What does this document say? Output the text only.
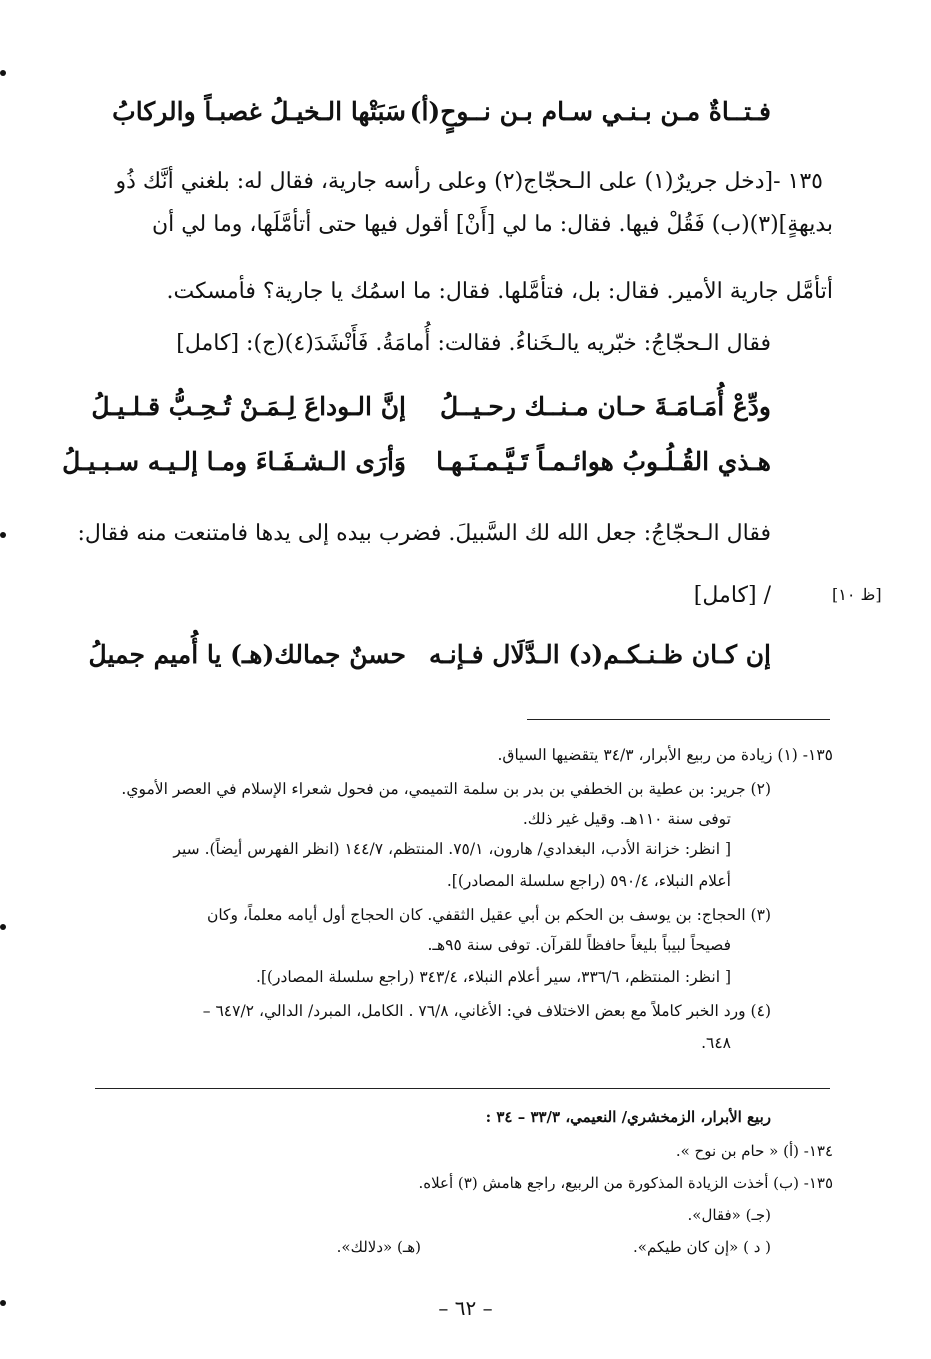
فـتــاةٌ مـن بـنـي سـام بـن نــوحٍ(أ)
سَبَتْها الـخيـلُ غصبـاً والركابُ
١٣٥ -[دخل جريرٌ(١) على الـحجّاج(٢) وعلى رأسه جارية، فقال له: بلغني أنَّك ذُو
بديهةٍ](٣)(ب) فَقُلْ فيها. فقال: ما لي [أَنْ] أقول فيها حتى أتأمَّلَها، وما لي أن
أتأمَّل جارية الأمير. فقال: بل، فتأمَّلها. فقال: ما اسمُك يا جارية؟ فأمسكت.
فقال الـحجّاجُ: خبّريه يالـخَناءُ. فقالت: أُمامَةُ. فَأَنْشَدَ(٤)(ج): [كامل]
ودِّعْ أُمَـامَـةَ حـان مـنــك رحـيــلُ
إنَّ الـوداعَ لِـمَـنْ تُـحِـبُّ قـلـيـلُ
هـذي القُـلُـوبُ هوائـمـاً تَـيَّـمـنَـهـا
وَأرَى الـشـفَـاءَ ومـا إلـيـه سـبـيـلُ
فقال الـحجّاجُ: جعل الله لك السَّبيلَ. فضرب بيده إلى يدها فامتنعت منه فقال:
/ [كامل]	[ظ ١٠]
إن كـان ظـنـكـم(د) الـدَّلَال فـإنـه
حسنٌ جمالك(هـ) يا أُميم جميلُ
١٣٥- (١) زيادة من ربيع الأبرار، ٣٤/٣ يتقضيها السياق.
(٢) جرير: بن عطية بن الخطفي بن بدر بن سلمة التميمي، من فحول شعراء الإسلام في العصر الأموي.
توفى سنة ١١٠هـ. وقيل غير ذلك.
[ انظر: خزانة الأدب، البغدادي/ هارون، ٧٥/١. المنتظم، ١٤٤/٧ (انظر الفهرس أيضاً). سير
أعلام النبلاء، ٥٩٠/٤ (راجع سلسلة المصادر)].
(٣) الحجاج: بن يوسف بن الحكم بن أبي عقيل الثقفي. كان الحجاج أول أيامه معلماً، وكان
فصيحاً لبيباً بليغاً حافظاً للقرآن. توفى سنة ٩٥هـ.
[ انظر: المنتظم، ٣٣٦/٦، سير أعلام النبلاء، ٣٤٣/٤ (راجع سلسلة المصادر)].
(٤) ورد الخبر كاملاً مع بعض الاختلاف في: الأغاني، ٧٦/٨ . الكامل، المبرد/ الدالي، ٦٤٧/٢ –
٦٤٨.
ربيع الأبرار، الزمخشري/ النعيمي، ٣٣/٣ – ٣٤ :
١٣٤- (أ) « حام بن نوح ».
١٣٥- (ب) أخذت الزيادة المذكورة من الربيع، راجع هامش (٣) أعلاه.
(جـ) «فقال».
( د ) «إن كان طيكم».
(هـ) «دلالك».
– ٦٢ –
